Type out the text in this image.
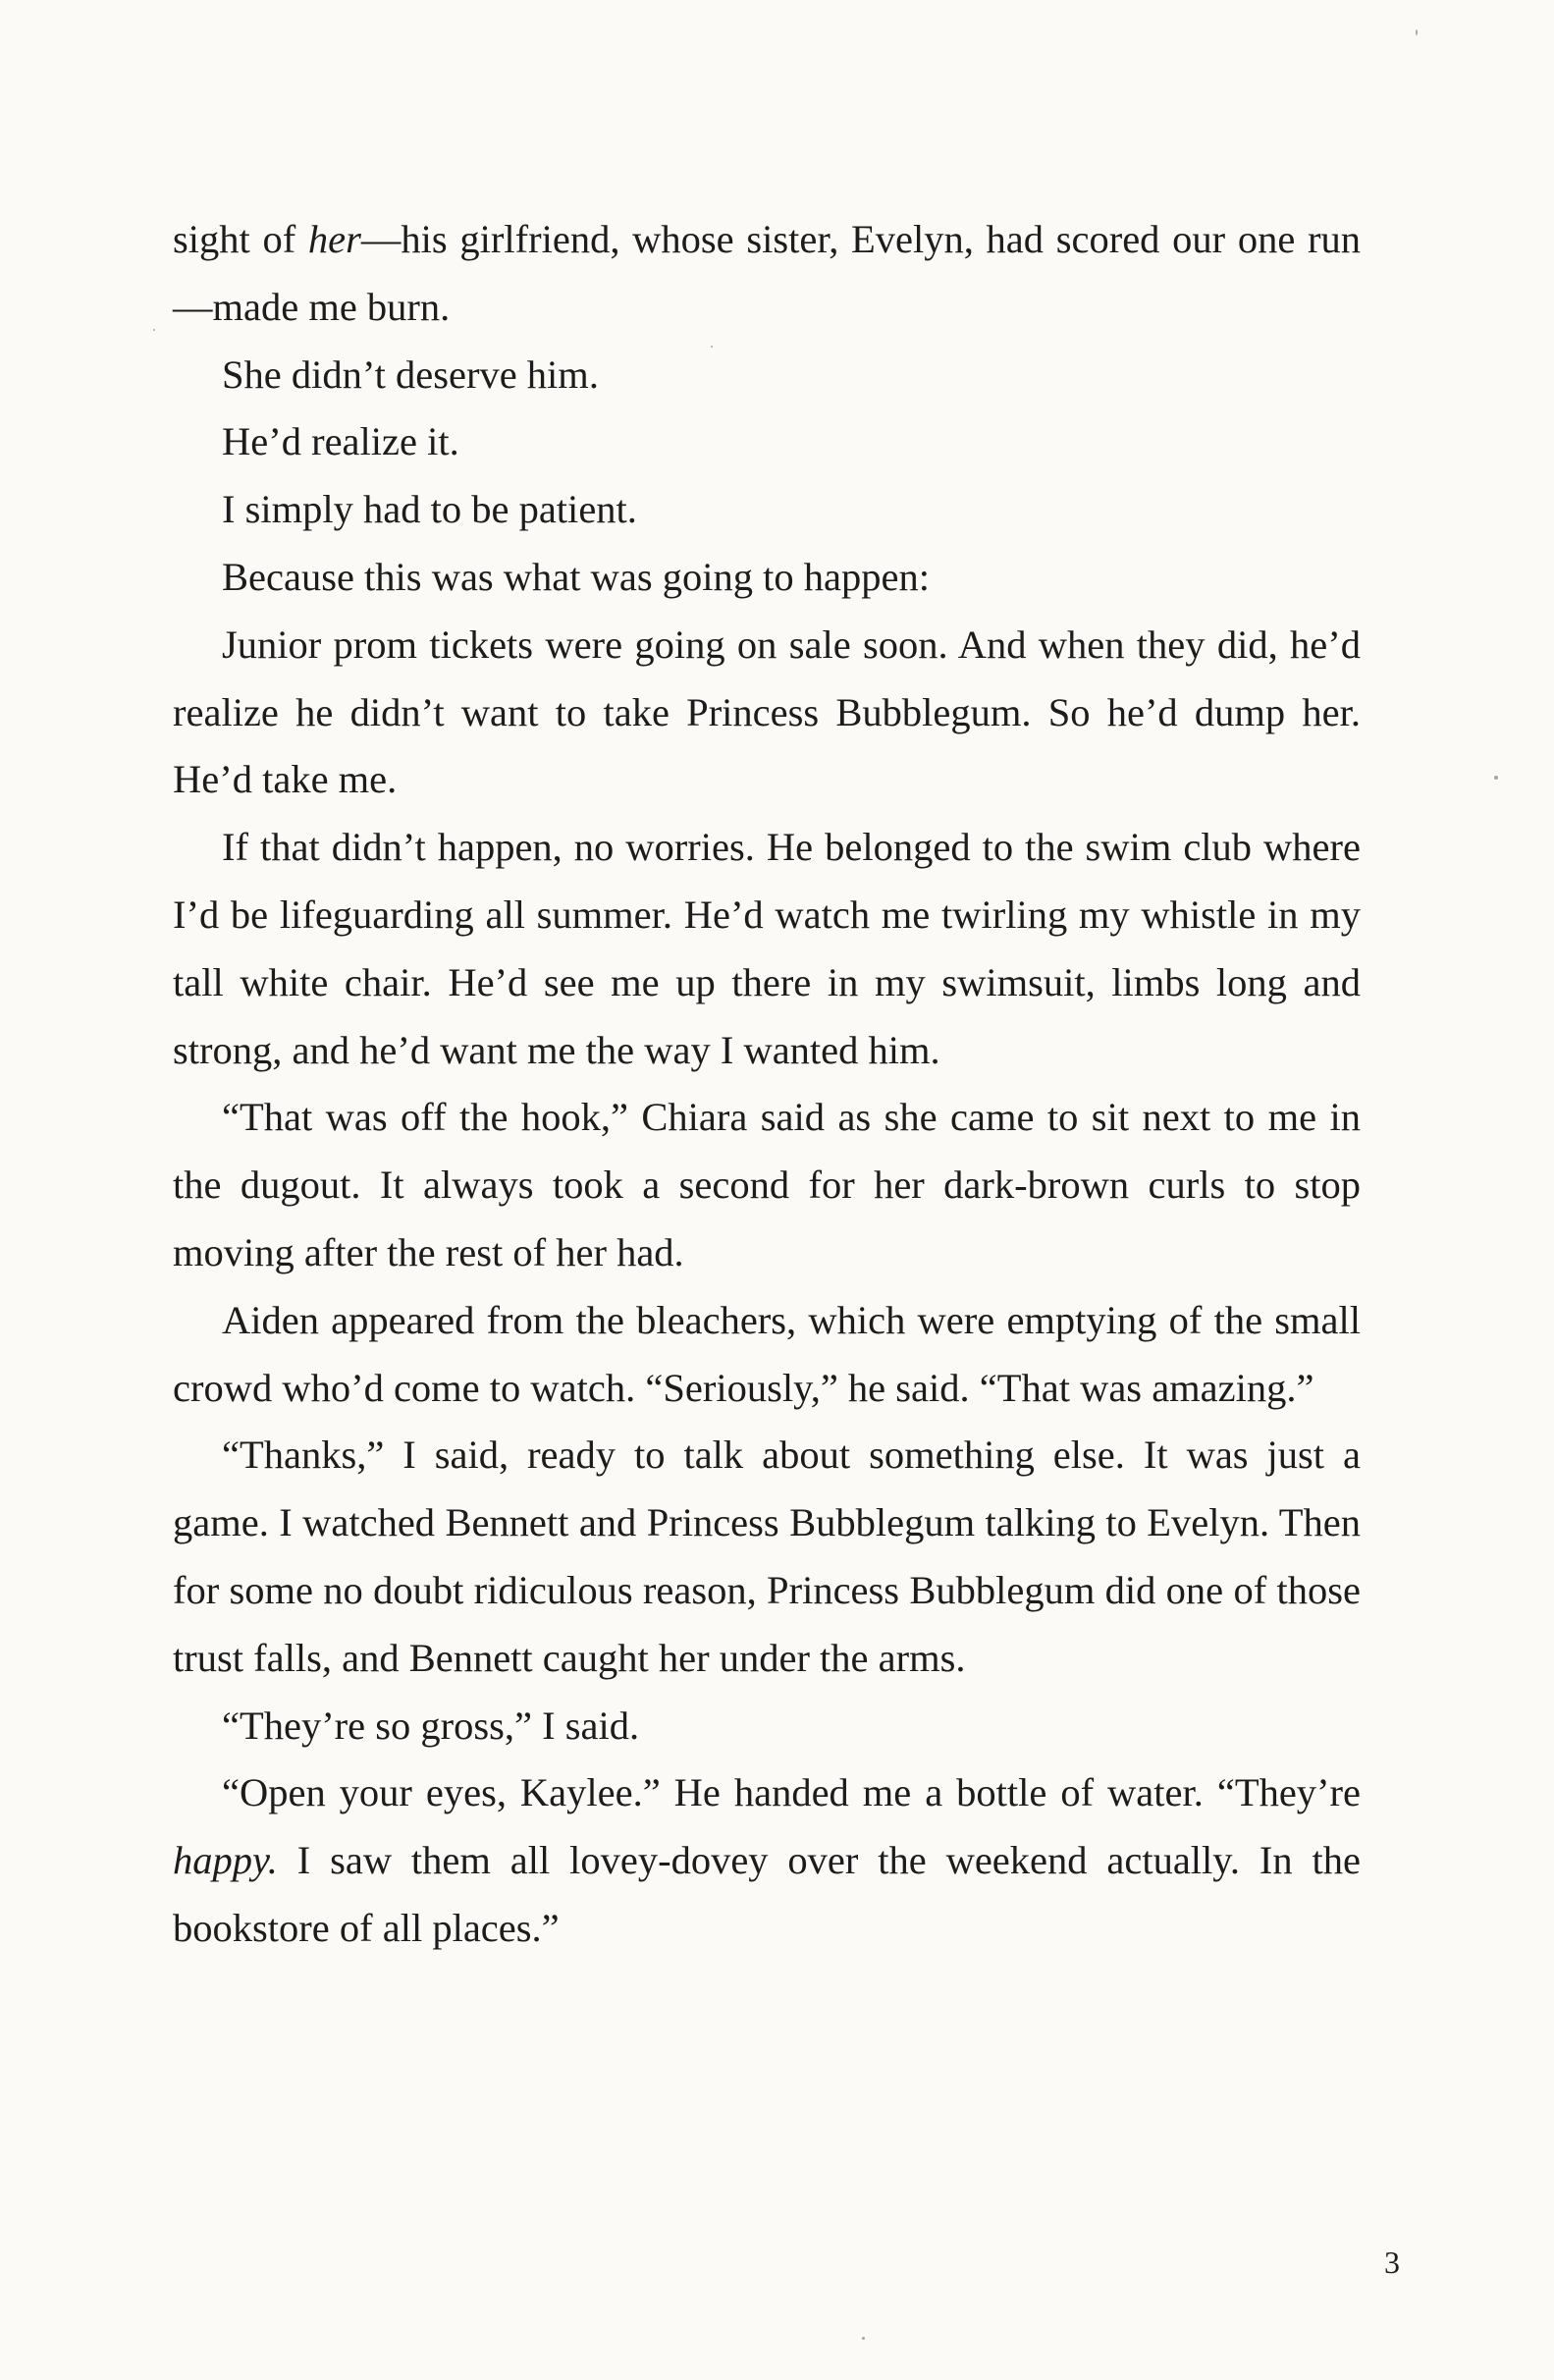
sight of her—his girlfriend, whose sister, Evelyn, had scored our one run—made me burn.

She didn’t deserve him.

He’d realize it.

I simply had to be patient.

Because this was what was going to happen:

Junior prom tickets were going on sale soon. And when they did, he’d realize he didn’t want to take Princess Bubblegum. So he’d dump her. He’d take me.

If that didn’t happen, no worries. He belonged to the swim club where I’d be lifeguarding all summer. He’d watch me twirling my whistle in my tall white chair. He’d see me up there in my swimsuit, limbs long and strong, and he’d want me the way I wanted him.

“That was off the hook,” Chiara said as she came to sit next to me in the dugout. It always took a second for her dark-brown curls to stop moving after the rest of her had.

Aiden appeared from the bleachers, which were emptying of the small crowd who’d come to watch. “Seriously,” he said. “That was amazing.”

“Thanks,” I said, ready to talk about something else. It was just a game. I watched Bennett and Princess Bubblegum talking to Evelyn. Then for some no doubt ridiculous reason, Princess Bubblegum did one of those trust falls, and Bennett caught her under the arms.

“They’re so gross,” I said.

“Open your eyes, Kaylee.” He handed me a bottle of water. “They’re happy. I saw them all lovey-dovey over the weekend actually. In the bookstore of all places.”

3
